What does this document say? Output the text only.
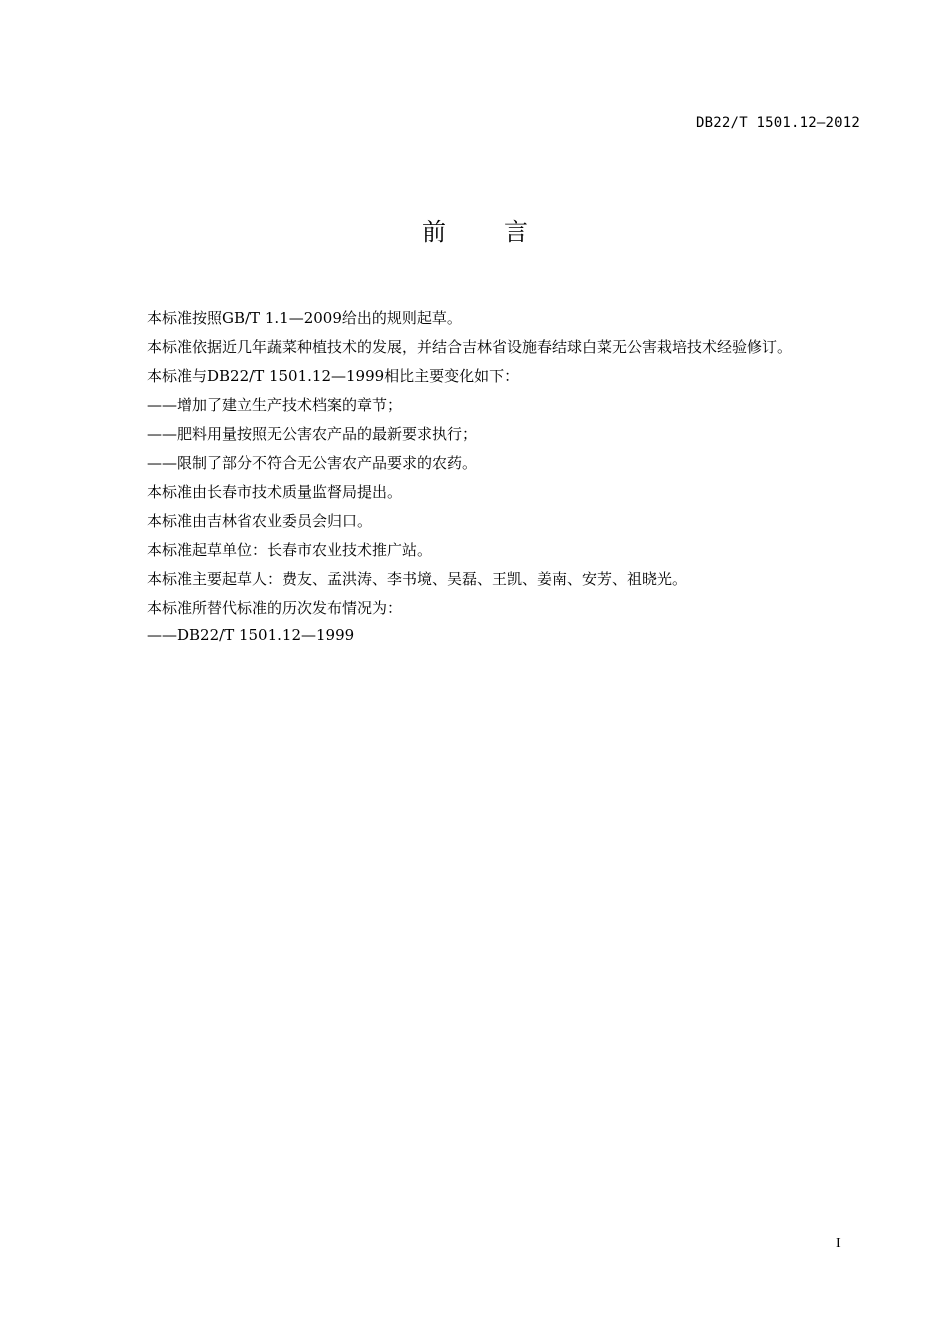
DB22/T 1501.12—2012
前言

本标准按照GB/T 1.1—2009给出的规则起草。

本标准依据近几年蔬菜种植技术的发展，并结合吉林省设施春结球白菜无公害栽培技术经验修订。

本标准与DB22/T 1501.12—1999相比主要变化如下：

——增加了建立生产技术档案的章节；

——肥料用量按照无公害农产品的最新要求执行；

——限制了部分不符合无公害农产品要求的农药。

本标准由长春市技术质量监督局提出。

本标准由吉林省农业委员会归口。

本标准起草单位：长春市农业技术推广站。

本标准主要起草人：费友、孟洪涛、李书境、吴磊、王凯、姜南、安芳、祖晓光。

本标准所替代标准的历次发布情况为：

——DB22/T 1501.12—1999

I
